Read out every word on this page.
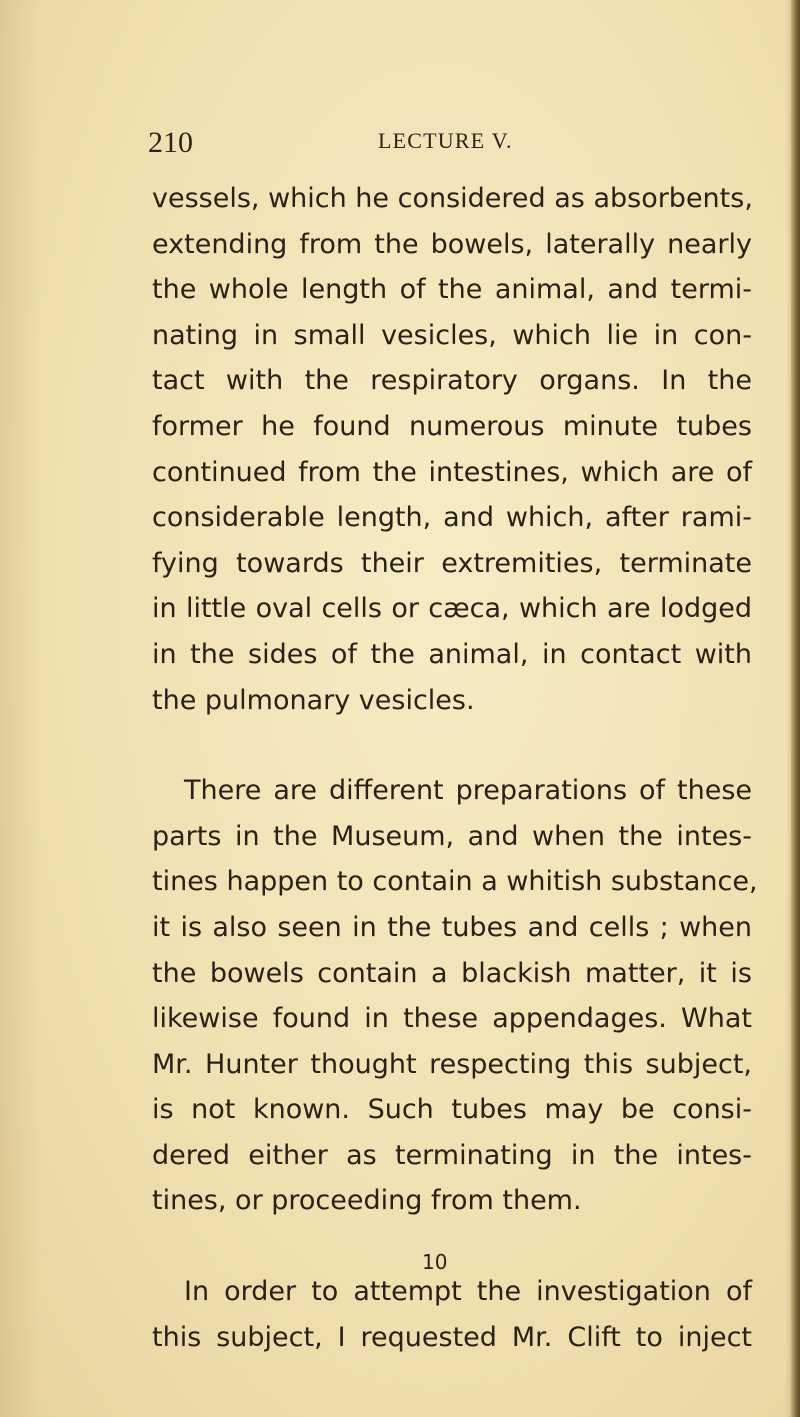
210	LECTURE V.
vessels, which he considered as absorbents,
extending from the bowels, laterally nearly
the whole length of the animal, and termi-
nating in small vesicles, which lie in con-
tact with the respiratory organs. In the
former he found numerous minute tubes
continued from the intestines, which are of
considerable length, and which, after rami-
fying towards their extremities, terminate
in little oval cells or cæca, which are lodged
in the sides of the animal, in contact with
the pulmonary vesicles.
There are different preparations of these
parts in the Museum, and when the intes-
tines happen to contain a whitish substance,
it is also seen in the tubes and cells ; when
the bowels contain a blackish matter, it is
likewise found in these appendages. What
Mr. Hunter thought respecting this subject,
is not known. Such tubes may be consi-
dered either as terminating in the intes-
tines, or proceeding from them.
In order to attempt the investigation of
this subject, I requested Mr. Clift to inject
10
